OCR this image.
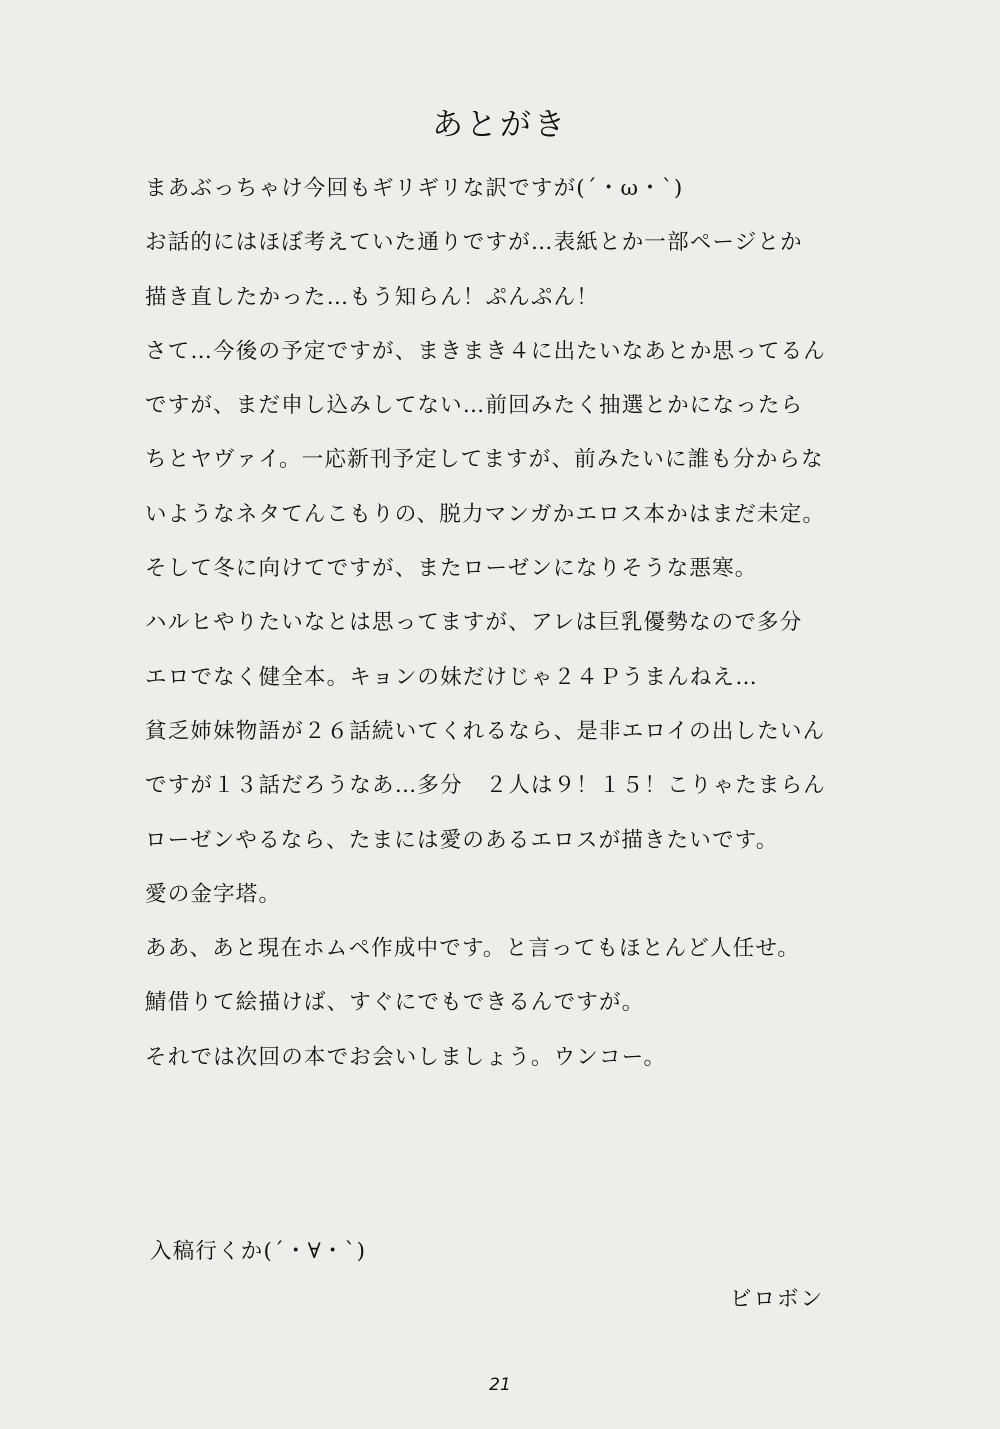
あとがき
まあぶっちゃけ今回もギリギリな訳ですが(´・ω・`)
お話的にはほぼ考えていた通りですが…表紙とか一部ページとか
描き直したかった…もう知らん！ぷんぷん！
さて…今後の予定ですが、まきまき４に出たいなあとか思ってるん
ですが、まだ申し込みしてない…前回みたく抽選とかになったら
ちとヤヴァイ。一応新刊予定してますが、前みたいに誰も分からな
いようなネタてんこもりの、脱力マンガかエロス本かはまだ未定。
そして冬に向けてですが、またローゼンになりそうな悪寒。
ハルヒやりたいなとは思ってますが、アレは巨乳優勢なので多分
エロでなく健全本。キョンの妹だけじゃ２４Ｐうまんねえ…
貧乏姉妹物語が２６話続いてくれるなら、是非エロイの出したいん
ですが１３話だろうなあ…多分　２人は９！１５！こりゃたまらん
ローゼンやるなら、たまには愛のあるエロスが描きたいです。
愛の金字塔。
ああ、あと現在ホムペ作成中です。と言ってもほとんど人任せ。
鯖借りて絵描けば、すぐにでもできるんですが。
それでは次回の本でお会いしましょう。ウンコー。
入稿行くか(´・∀・`)
ビロボン
21
